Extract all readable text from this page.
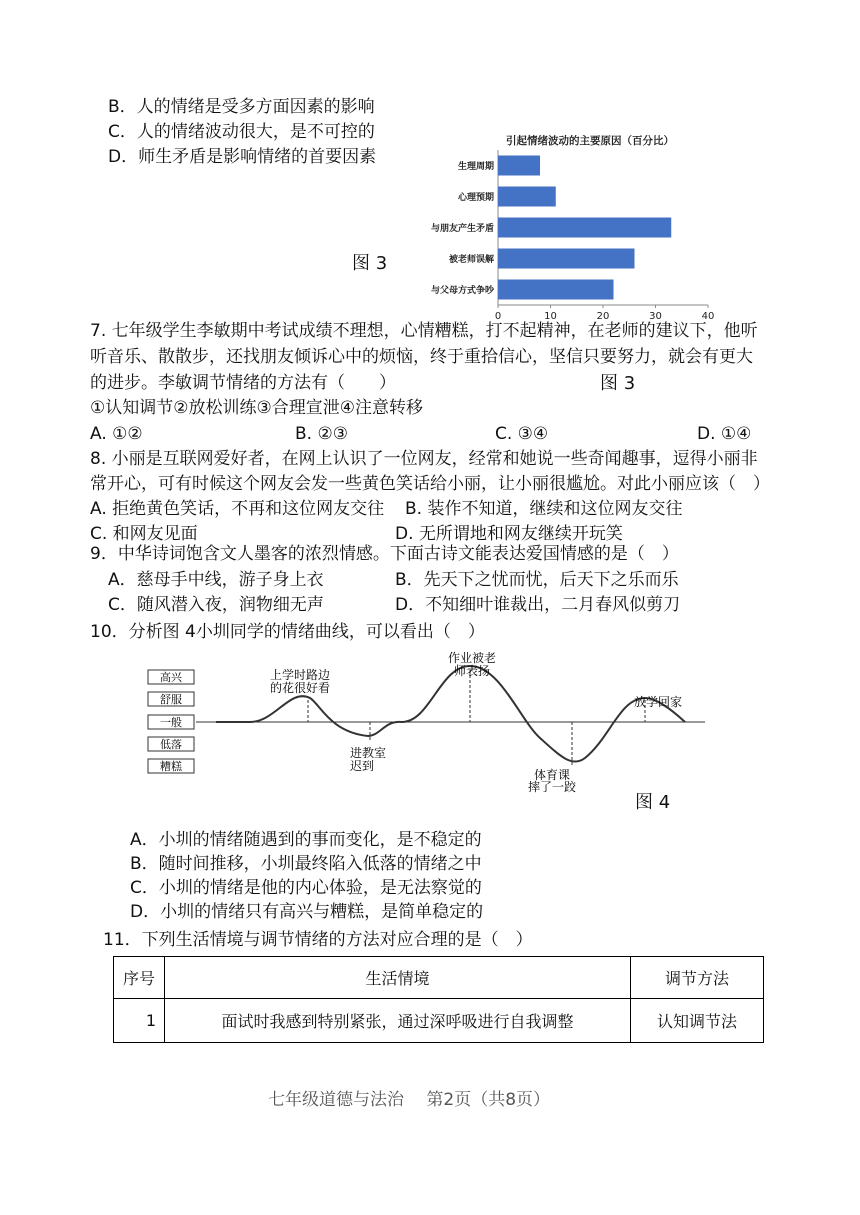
B．人的情绪是受多方面因素的影响
C．人的情绪波动很大，是不可控的
D．师生矛盾是影响情绪的首要因素
图 3
引起情绪波动的主要原因（百分比）
生理周期
心理预期
与朋友产生矛盾
被老师误解
与父母方式争吵
0	10	20	30	40
7. 七年级学生李敏期中考试成绩不理想，心情糟糕，打不起精神，在老师的建议下，他听
听音乐、散散步，还找朋友倾诉心中的烦恼，终于重拾信心，坚信只要努力，就会有更大
的进步。李敏调节情绪的方法有（　　）	图 3
①认知调节②放松训练③合理宣泄④注意转移
A. ①②	B. ②③	C. ③④	D. ①④
8. 小丽是互联网爱好者，在网上认识了一位网友，经常和她说一些奇闻趣事，逗得小丽非
常开心，可有时候这个网友会发一些黄色笑话给小丽，让小丽很尴尬。对此小丽应该（　）
A. 拒绝黄色笑话，不再和这位网友交往 B. 装作不知道，继续和这位网友交往
C. 和网友见面	D. 无所谓地和网友继续开玩笑
9．中华诗词饱含文人墨客的浓烈情感。下面古诗文能表达爱国情感的是（　）
A．慈母手中线，游子身上衣	B．先天下之忧而忧，后天下之乐而乐
C．随风潜入夜，润物细无声	D．不知细叶谁裁出，二月春风似剪刀
10．分析图 4小圳同学的情绪曲线，可以看出（　）
高兴
舒服
一般
低落
糟糕
上学时路边
的花很好看
进教室
迟到
作业被老
师表扬
体育课
摔了一跤
放学回家
图 4
A．小圳的情绪随遇到的事而变化，是不稳定的
B．随时间推移，小圳最终陷入低落的情绪之中
C．小圳的情绪是他的内心体验，是无法察觉的
D．小圳的情绪只有高兴与糟糕，是简单稳定的
11．下列生活情境与调节情绪的方法对应合理的是（　）
序号	生活情境	调节方法
1	面试时我感到特别紧张，通过深呼吸进行自我调整	认知调节法
七年级道德与法治　 第2页（共8页）
